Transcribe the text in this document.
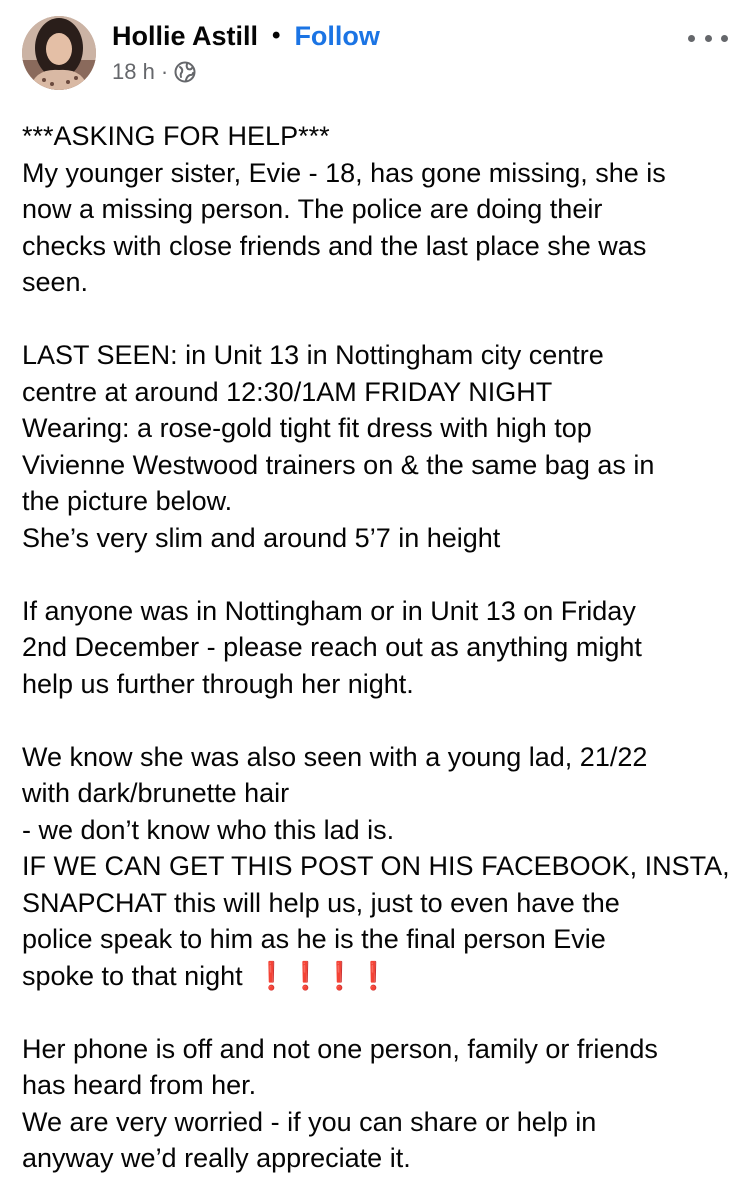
Hollie Astill • Follow
18 h ·

***ASKING FOR HELP***
My younger sister, Evie - 18, has gone missing, she is
now a missing person. The police are doing their
checks with close friends and the last place she was
seen.

LAST SEEN: in Unit 13 in Nottingham city centre
centre at around 12:30/1AM FRIDAY NIGHT
Wearing: a rose-gold tight fit dress with high top
Vivienne Westwood trainers on & the same bag as in
the picture below.
She’s very slim and around 5’7 in height

If anyone was in Nottingham or in Unit 13 on Friday
2nd December - please reach out as anything might
help us further through her night.

We know she was also seen with a young lad, 21/22
with dark/brunette hair
- we don’t know who this lad is.
IF WE CAN GET THIS POST ON HIS FACEBOOK, INSTA,
SNAPCHAT this will help us, just to even have the
police speak to him as he is the final person Evie
spoke to that night ❗❗❗❗

Her phone is off and not one person, family or friends
has heard from her.
We are very worried - if you can share or help in
anyway we’d really appreciate it.
